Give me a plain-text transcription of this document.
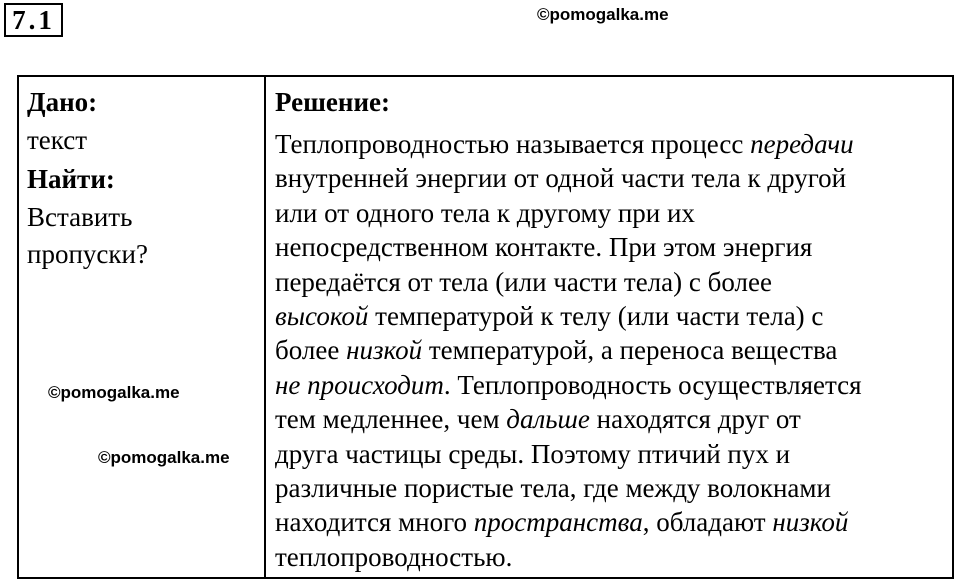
7.1	©pomogalka.me
Дано:
текст
Найти:
Вставить
пропуски?
Решение:
Теплопроводностью называется процесс передачи
внутренней энергии от одной части тела к другой
или от одного тела к другому при их
непосредственном контакте. При этом энергия
передаётся от тела (или части тела) с более
высокой температурой к телу (или части тела) с
более низкой температурой, а переноса вещества
не происходит. Теплопроводность осуществляется
тем медленнее, чем дальше находятся друг от
друга частицы среды. Поэтому птичий пух и
различные пористые тела, где между волокнами
находится много пространства, обладают низкой
теплопроводностью.
©pomogalka.me
©pomogalka.me
